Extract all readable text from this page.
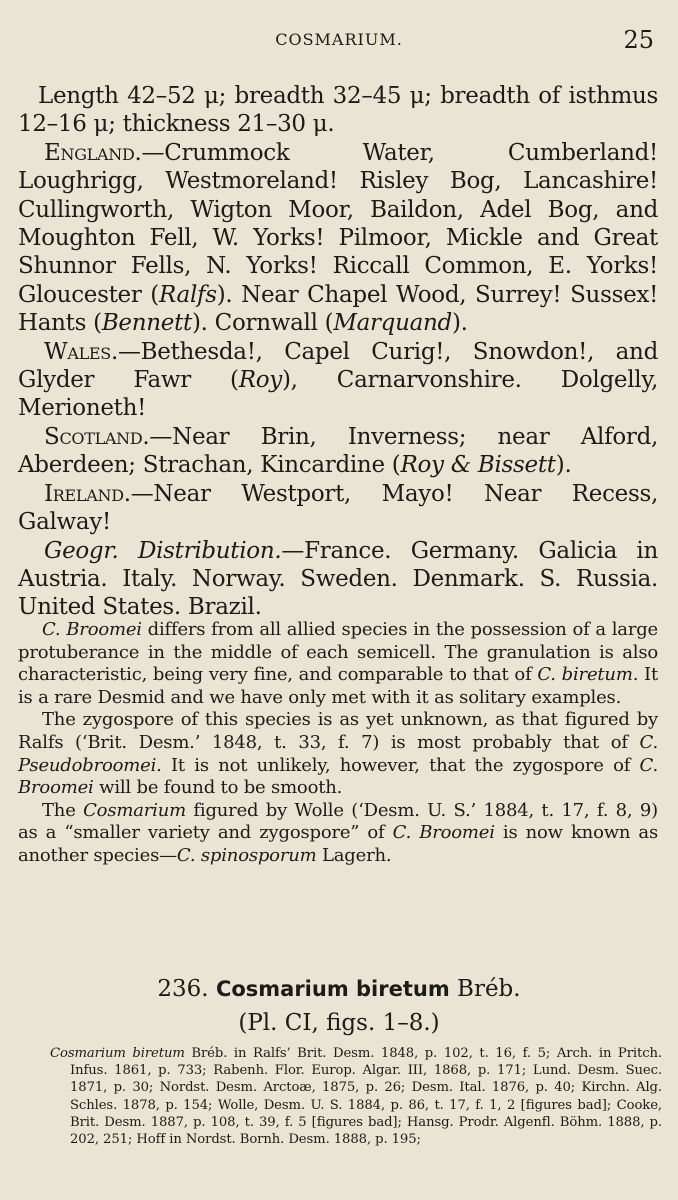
COSMARIUM.	25

Length 42–52 μ; breadth 32–45 μ; breadth of isthmus 12–16 μ; thickness 21–30 μ.

England.—Crummock Water, Cumberland! Loughrigg, Westmoreland! Risley Bog, Lancashire! Cullingworth, Wigton Moor, Baildon, Adel Bog, and Moughton Fell, W. Yorks! Pilmoor, Mickle and Great Shunnor Fells, N. Yorks! Riccall Common, E. Yorks! Gloucester (Ralfs). Near Chapel Wood, Surrey! Sussex! Hants (Bennett). Cornwall (Marquand).

Wales.—Bethesda!, Capel Curig!, Snowdon!, and Glyder Fawr (Roy), Carnarvonshire. Dolgelly, Merioneth!

Scotland.—Near Brin, Inverness; near Alford, Aberdeen; Strachan, Kincardine (Roy & Bissett).

Ireland.—Near Westport, Mayo! Near Recess, Galway!

Geogr. Distribution.—France. Germany. Galicia in Austria. Italy. Norway. Sweden. Denmark. S. Russia. United States. Brazil.

C. Broomei differs from all allied species in the possession of a large protuberance in the middle of each semicell. The granulation is also characteristic, being very fine, and comparable to that of C. biretum. It is a rare Desmid and we have only met with it as solitary examples.

The zygospore of this species is as yet unknown, as that figured by Ralfs (‘Brit. Desm.’ 1848, t. 33, f. 7) is most probably that of C. Pseudobroomei. It is not unlikely, however, that the zygospore of C. Broomei will be found to be smooth.

The Cosmarium figured by Wolle (‘Desm. U. S.’ 1884, t. 17, f. 8, 9) as a “smaller variety and zygospore” of C. Broomei is now known as another species—C. spinosporum Lagerh.

236. Cosmarium biretum Bréb.
(Pl. CI, figs. 1–8.)

Cosmarium biretum Bréb. in Ralfs’ Brit. Desm. 1848, p. 102, t. 16, f. 5; Arch. in Pritch. Infus. 1861, p. 733; Rabenh. Flor. Europ. Algar. III, 1868, p. 171; Lund. Desm. Suec. 1871, p. 30; Nordst. Desm. Arctoæ, 1875, p. 26; Desm. Ital. 1876, p. 40; Kirchn. Alg. Schles. 1878, p. 154; Wolle, Desm. U. S. 1884, p. 86, t. 17, f. 1, 2 [figures bad]; Cooke, Brit. Desm. 1887, p. 108, t. 39, f. 5 [figures bad]; Hansg. Prodr. Algenfl. Böhm. 1888, p. 202, 251; Hoff in Nordst. Bornh. Desm. 1888, p. 195;
